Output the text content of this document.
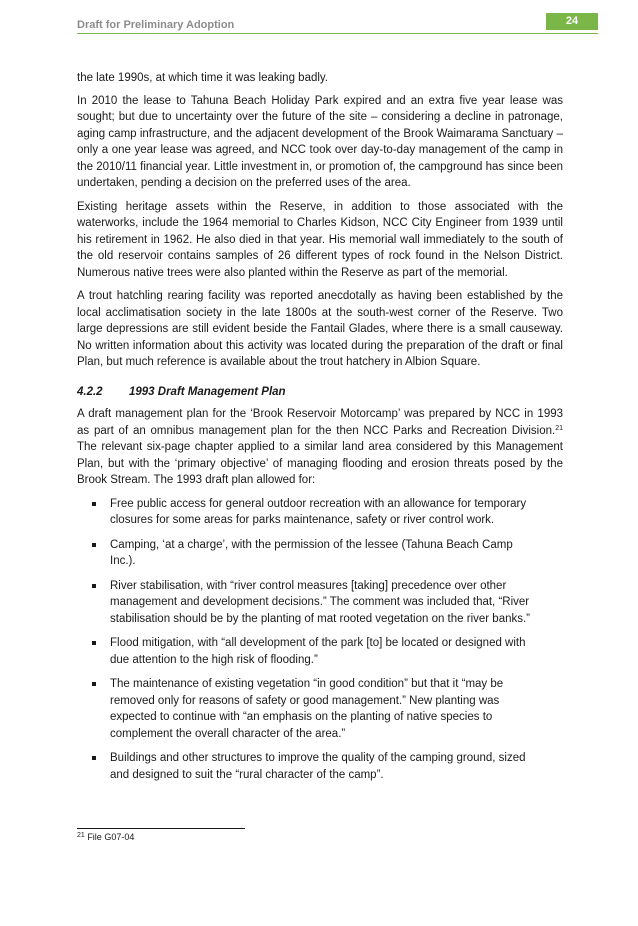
Draft for Preliminary Adoption	24

the late 1990s, at which time it was leaking badly.

In 2010 the lease to Tahuna Beach Holiday Park expired and an extra five year lease was sought; but due to uncertainty over the future of the site – considering a decline in patronage, aging camp infrastructure, and the adjacent development of the Brook Waimarama Sanctuary – only a one year lease was agreed, and NCC took over day-to-day management of the camp in the 2010/11 financial year. Little investment in, or promotion of, the campground has since been undertaken, pending a decision on the preferred uses of the area.

Existing heritage assets within the Reserve, in addition to those associated with the waterworks, include the 1964 memorial to Charles Kidson, NCC City Engineer from 1939 until his retirement in 1962. He also died in that year. His memorial wall immediately to the south of the old reservoir contains samples of 26 different types of rock found in the Nelson District. Numerous native trees were also planted within the Reserve as part of the memorial.

A trout hatchling rearing facility was reported anecdotally as having been established by the local acclimatisation society in the late 1800s at the south-west corner of the Reserve. Two large depressions are still evident beside the Fantail Glades, where there is a small causeway. No written information about this activity was located during the preparation of the draft or final Plan, but much reference is available about the trout hatchery in Albion Square.

4.2.2 1993 Draft Management Plan

A draft management plan for the ‘Brook Reservoir Motorcamp’ was prepared by NCC in 1993 as part of an omnibus management plan for the then NCC Parks and Recreation Division.$^{21}$ The relevant six-page chapter applied to a similar land area considered by this Management Plan, but with the ‘primary objective’ of managing flooding and erosion threats posed by the Brook Stream. The 1993 draft plan allowed for:

Free public access for general outdoor recreation with an allowance for temporary closures for some areas for parks maintenance, safety or river control work.
Camping, ‘at a charge’, with the permission of the lessee (Tahuna Beach Camp Inc.).
River stabilisation, with “river control measures [taking] precedence over other management and development decisions.” The comment was included that, “River stabilisation should be by the planting of mat rooted vegetation on the river banks.”
Flood mitigation, with “all development of the park [to] be located or designed with due attention to the high risk of flooding.”
The maintenance of existing vegetation “in good condition” but that it “may be removed only for reasons of safety or good management.” New planting was expected to continue with “an emphasis on the planting of native species to complement the overall character of the area.”
Buildings and other structures to improve the quality of the camping ground, sized and designed to suit the “rural character of the camp”.
$^{21}$ File G07-04
